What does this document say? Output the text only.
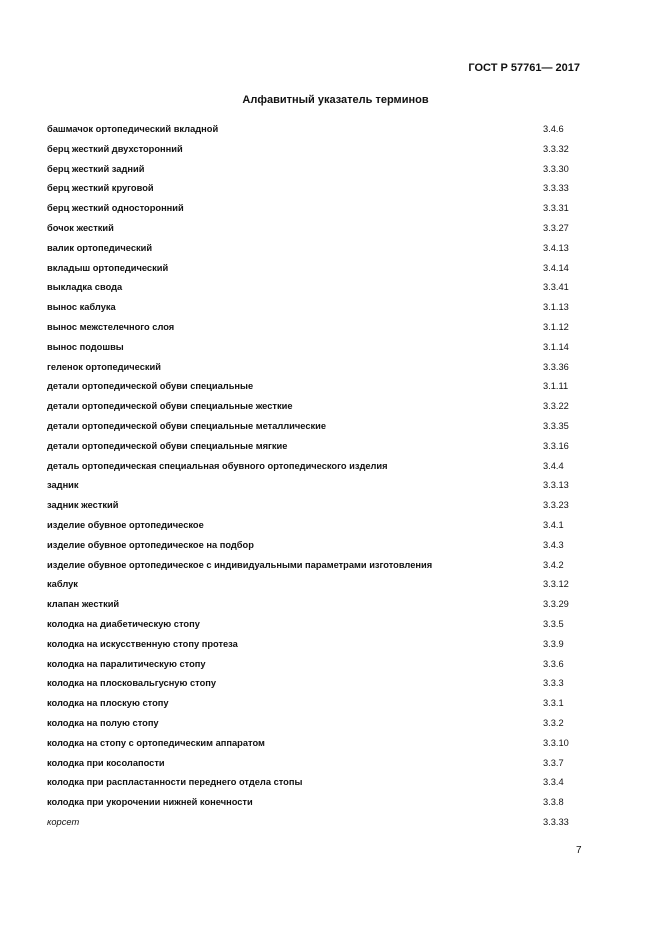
ГОСТ Р 57761— 2017
Алфавитный указатель терминов
башмачок ортопедический вкладной	3.4.6
берц жесткий двухсторонний	3.3.32
берц жесткий задний	3.3.30
берц жесткий круговой	3.3.33
берц жесткий односторонний	3.3.31
бочок жесткий	3.3.27
валик ортопедический	3.4.13
вкладыш ортопедический	3.4.14
выкладка свода	3.3.41
вынос каблука	3.1.13
вынос межстелечного слоя	3.1.12
вынос подошвы	3.1.14
геленок ортопедический	3.3.36
детали ортопедической обуви специальные	3.1.11
детали ортопедической обуви специальные жесткие	3.3.22
детали ортопедической обуви специальные металлические	3.3.35
детали ортопедической обуви специальные мягкие	3.3.16
деталь ортопедическая специальная обувного ортопедического изделия	3.4.4
задник	3.3.13
задник жесткий	3.3.23
изделие обувное ортопедическое	3.4.1
изделие обувное ортопедическое на подбор	3.4.3
изделие обувное ортопедическое с индивидуальными параметрами изготовления	3.4.2
каблук	3.3.12
клапан жесткий	3.3.29
колодка на диабетическую стопу	3.3.5
колодка на искусственную стопу протеза	3.3.9
колодка на паралитическую стопу	3.3.6
колодка на плосковальгусную стопу	3.3.3
колодка на плоскую стопу	3.3.1
колодка на полую стопу	3.3.2
колодка на стопу с ортопедическим аппаратом	3.3.10
колодка при косолапости	3.3.7
колодка при распластанности переднего отдела стопы	3.3.4
колодка при укорочении нижней конечности	3.3.8
корсет	3.3.33
7
